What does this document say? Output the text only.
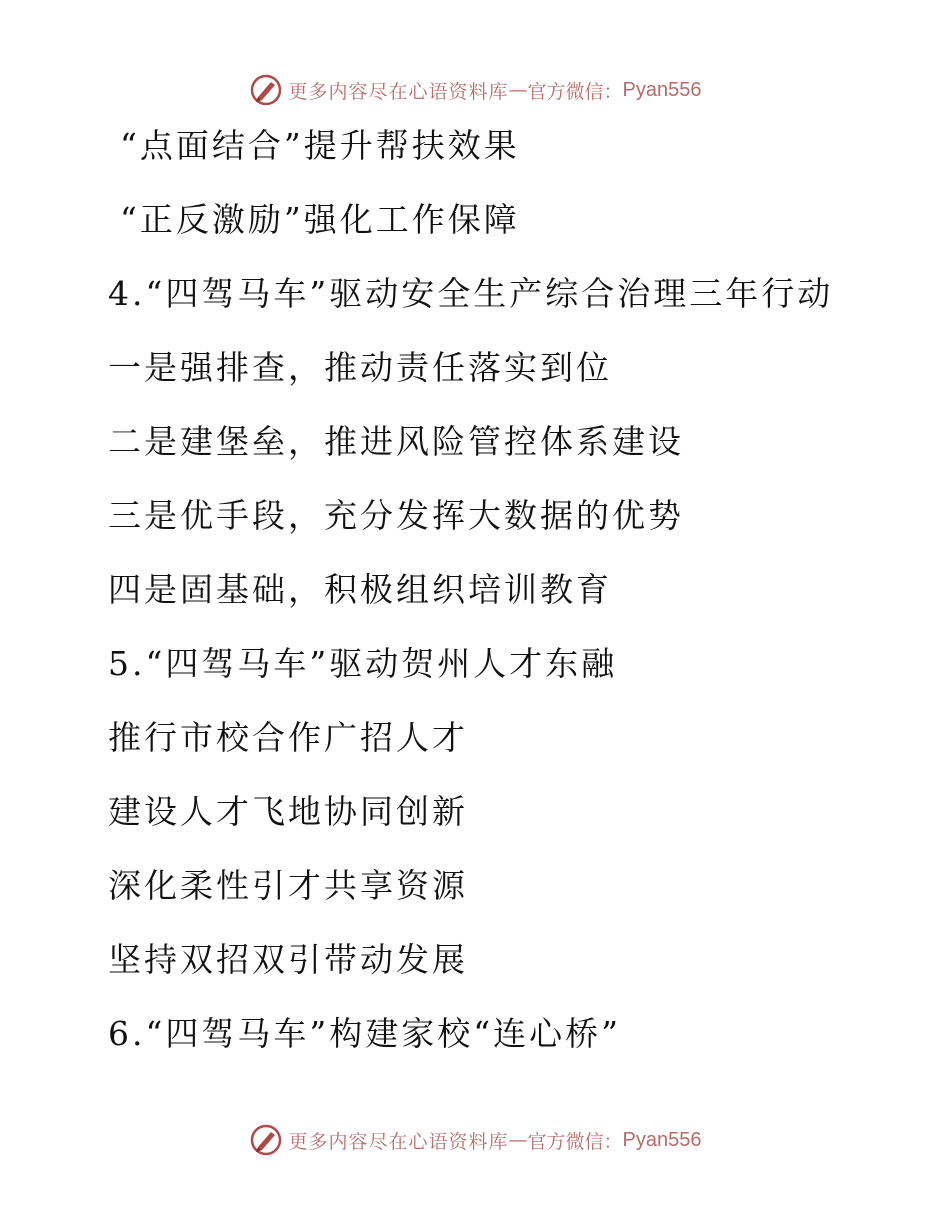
更多内容尽在心语资料库 — 官方微信： Pyan556
“点面结合”提升帮扶效果
“正反激励”强化工作保障
4.“四驾马车”驱动安全生产综合治理三年行动
一是强排查，推动责任落实到位
二是建堡垒，推进风险管控体系建设
三是优手段，充分发挥大数据的优势
四是固基础，积极组织培训教育
5.“四驾马车”驱动贺州人才东融
推行市校合作广招人才
建设人才飞地协同创新
深化柔性引才共享资源
坚持双招双引带动发展
6.“四驾马车”构建家校“连心桥”
更多内容尽在心语资料库 — 官方微信： Pyan556
